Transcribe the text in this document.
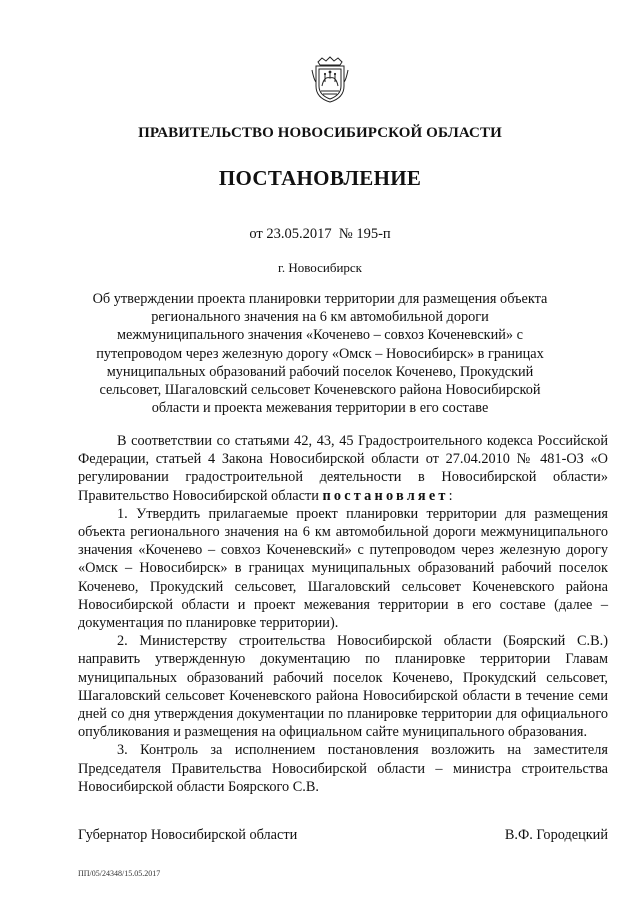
ПРАВИТЕЛЬСТВО НОВОСИБИРСКОЙ ОБЛАСТИ
ПОСТАНОВЛЕНИЕ
от 23.05.2017 № 195-п
г. Новосибирск
Об утверждении проекта планировки территории для размещения объекта регионального значения на 6 км автомобильной дороги межмуниципального значения «Коченево – совхоз Коченевский» с путепроводом через железную дорогу «Омск – Новосибирск» в границах муниципальных образований рабочий поселок Коченево, Прокудский сельсовет, Шагаловский сельсовет Коченевского района Новосибирской области и проекта межевания территории в его составе

В соответствии со статьями 42, 43, 45 Градостроительного кодекса Российской Федерации, статьей 4 Закона Новосибирской области от 27.04.2010 № 481-ОЗ «О регулировании градостроительной деятельности в Новосибирской области» Правительство Новосибирской области постановляет:

1. Утвердить прилагаемые проект планировки территории для размещения объекта регионального значения на 6 км автомобильной дороги межмуниципального значения «Коченево – совхоз Коченевский» с путепроводом через железную дорогу «Омск – Новосибирск» в границах муниципальных образований рабочий поселок Коченево, Прокудский сельсовет, Шагаловский сельсовет Коченевского района Новосибирской области и проект межевания территории в его составе (далее – документация по планировке территории).

2. Министерству строительства Новосибирской области (Боярский С.В.) направить утвержденную документацию по планировке территории Главам муниципальных образований рабочий поселок Коченево, Прокудский сельсовет, Шагаловский сельсовет Коченевского района Новосибирской области в течение семи дней со дня утверждения документации по планировке территории для официального опубликования и размещения на официальном сайте муниципального образования.

3. Контроль за исполнением постановления возложить на заместителя Председателя Правительства Новосибирской области – министра строительства Новосибирской области Боярского С.В.

Губернатор Новосибирской области	В.Ф. Городецкий
ПП/05/24348/15.05.2017
